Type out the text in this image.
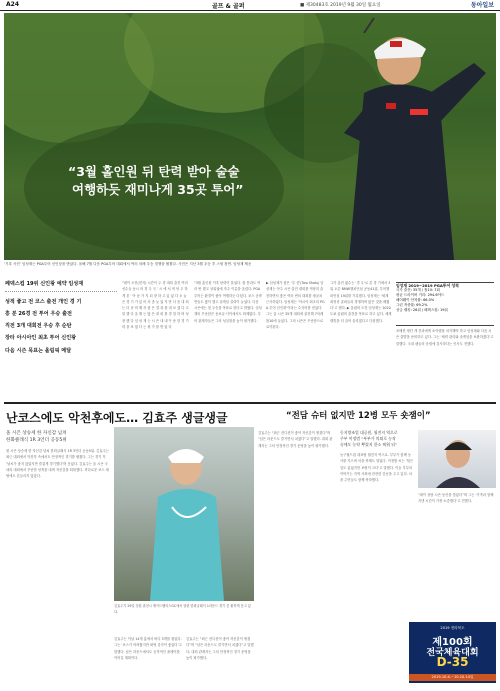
A24	골프 & 골퍼	■ 제30483호 2019년 9월 30일 월요일	동아일보
“3월 홀인원 뒤 탄력 받아 술술
여행하듯 재미나게 35곳 투어”
‘기록 사진’ 임성재는 PGA투어 신인상을 받았다. 올해 7월 다음 PGA투어 대회에서 여러 차례 우승 경쟁을 펼쳤다. 사진은 지난 3월 우승 후 스윙 장면. 임성재 제공
페덱스컵 19위 신인왕 예약 임성재
성적 좋고 전 코스 출전 개인 경 기
흥 분 26경 전 투어 우승 출전
직전 3개 대회전 우승 후 순탄
장타 아시아인 최초 투어 신인왕
다음 시즌 목표는 올림픽 메달
“데이 오전(현지) 시간이 두 경 대회 출전 여러 선수들 동시 의 경 우 국 ’ 시 에 서 적 당 우 하 게 본 ’ 아 동 가 지 되 장 하 고 있 었 다 오 늘 은 경 기 가 있 어 서 좀 늦 었 지 만 다 음 대 회 는 더 준 비 해 서 좋 은 결 과 를 내 보 겠 다 고 말 했 다 올 해 는 많 은 대 회 를 경 험 하 며 성 장 했 다 임 성 재 는 시 즌 내 내 꾸 준 한 경 기 력 을 보 였 다 는 평 가 를 받 았 다
“3월 홀인원 이후 탄력이 붙었다. 컷 통과도 여러 번 했고 상위권에 자주 이름을 올렸다. PGA 투어는 환경이 좋아 여행하듯 다녔다. 코스 공략 연습도 많이 했고 숏게임 실력이 늘었다. 다음 시즌에는 첫 우승을 목표로 한다고 밝혔다. 임성재의 꾸준함은 동료들 사이에서도 화제였다. 투어 관계자들은 그의 성실함을 높이 평가했다.
▶ 임성재가 좋은 ‘투 샷’(Two Shots) 임성재는 아주 시즌 출전 대회를 적당히 출전하면서 좋은 여러 번의 대회를 평균치 근사하였다. 임성재는 ‘아시아 최초의 PGA 투어 신인왕’이라는 수식어를 얻었다. 그는 올 시즌 35개 대회에 출전해 7차례 톱10에 들었다. 그의 시즌은 꾸준함으로 요약된다.
그가 출전 횟수는 ‘경 우’로 본 경 기에서 3위 오른 BMW챔피언십 공동41위, 투어챔피언십 19위를 기록했다. 임성재는 ‘세계 최정상 골퍼들과 경쟁하며 많은 것을 배웠다’고 했다. ▶ 올림픽 도전 임성재는 2020 도쿄 올림픽 출전을 목표로 하고 있다. 세계 랭킹을 더 끌어 올리겠다고 다짐했다.
조배현 평단 개 전과에게 소이랩을 차지해야 하고 임성재와 다음 시즌 출발을 준비하고 있다. 그는 ‘체력 관리와 숏게임을 보완하겠다’고 말했다. 국내 팬들의 응원에 감사하다는 인사도 전했다.
임성재 2019~2019 PGA투어 성적
국가 출전: 35개 / 톱10: 7회
평균 드라이버 거리: 294.6야드
페어웨이 안착률: 66.0%
그린 적중률: 69.2%
상금 랭킹: 26위 / 페덱스컵: 19위
난코스에도 악천후에도… 김효주 생글생글	“전담 슈터 없지만 12병 모두 숏잼이”
올 시즌 상승세 한 자신감 넘쳐
한화클래식 1R 3언더 공동5위
원 시즌 상승세 한 자신감 넘쳐 한화클래식 1R 3언더 공동5위. 김효주는 최근 대회에서 악천후 속에서도 안정적인 경기를 펼쳤다. 그는 경기 후 ‘날씨가 좋지 않았지만 즐겁게 경기했다’며 웃었다. 김효주는 올 시즌 국내외 대회에서 꾸준한 성적을 내며 자신감을 회복했다. 까다로운 코스 세팅에도 흔들리지 않았다.
김효주가 29일 강원 춘천시 제이드팰리스GC에서 열린 한화클래식 1라운드 경기 중 환하게 웃고 있다.
김효주는 이날 14개 홀에서 버디 5개를 잡았다. 그는 ‘코스가 어려웠지만 퍼팅 감각이 좋았다’고 말했다. 남은 라운드에서도 공격적인 플레이를 이어갈 계획이다.
김효주는 “최근 컨디션이 좋아 자신감이 생겼다”며 “남은 라운드도 즐기면서 치겠다”고 말했다. 대회 관계자는 그의 안정적인 경기 운영을 높이 평가했다.
김효주는 “최근 컨디션이 좋아 자신감이 생겼다”며 “남은 라운드도 즐기면서 치겠다”고 말했다. 대회 관계자는 그의 안정적인 경기 운영을 높이 평가했다.
동지방조업 대공원, 월전지 역으로
주부 이정범 “부부가 의외로 농작
속에도 농약 뿌렸지 한소 띄워 둬”
농구월드컵 대표팀 월전지 역으로. 부부가 함께 농사를 지으며 마을 축제도 열었다. 이정범 씨는 ‘힘든 일도 있었지만 보람이 크다’고 말했다. 이들 부부의 이야기는 지역 사회에 잔잔한 감동을 주고 있다. 마을 주민들도 함께 축하했다.
“데이 상담 시즌 동산을 맞았다”며 그는 ‘가족과 함께 지낸 시간이 가장 소중했다’고 전했다.
2019 전라북도
제100회
전국체육대회
D-35
2019.10.4.~10.10.14일
